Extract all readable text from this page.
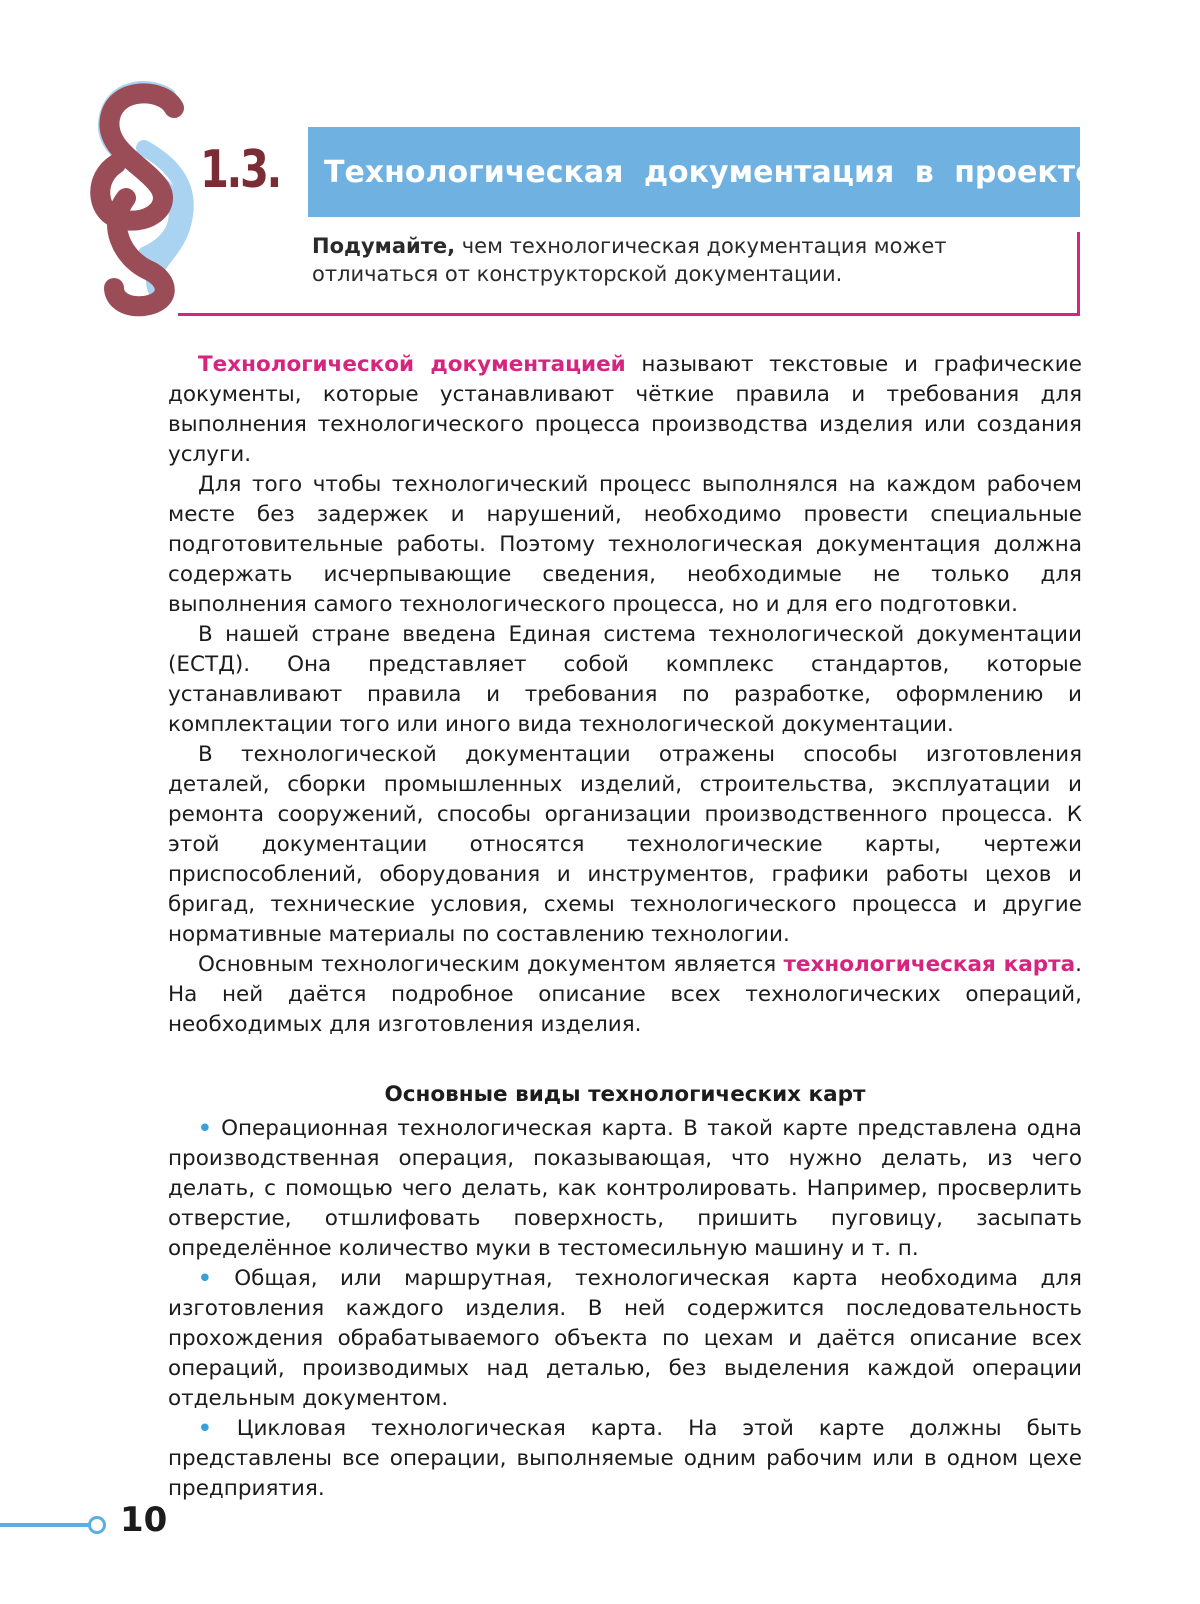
1.3. Технологическая документация в проекте
Подумайте, чем технологическая документация может отличаться от конструкторской документации.

Технологической документацией называют текстовые и графические документы, которые устанавливают чёткие правила и требования для выполнения технологического процесса производства изделия или создания услуги.

Для того чтобы технологический процесс выполнялся на каждом рабочем месте без задержек и нарушений, необходимо провести специальные подготовительные работы. Поэтому технологическая документация должна содержать исчерпывающие сведения, необходимые не только для выполнения самого технологического процесса, но и для его подготовки.

В нашей стране введена Единая система технологической документации (ЕСТД). Она представляет собой комплекс стандартов, которые устанавливают правила и требования по разработке, оформлению и комплектации того или иного вида технологической документации.

В технологической документации отражены способы изготовления деталей, сборки промышленных изделий, строительства, эксплуатации и ремонта сооружений, способы организации производственного процесса. К этой документации относятся технологические карты, чертежи приспособлений, оборудования и инструментов, графики работы цехов и бригад, технические условия, схемы технологического процесса и другие нормативные материалы по составлению технологии.

Основным технологическим документом является технологическая карта. На ней даётся подробное описание всех технологических операций, необходимых для изготовления изделия.

Основные виды технологических карт

• Операционная технологическая карта. В такой карте представлена одна производственная операция, показывающая, что нужно делать, из чего делать, с помощью чего делать, как контролировать. Например, просверлить отверстие, отшлифовать поверхность, пришить пуговицу, засыпать определённое количество муки в тестомесильную машину и т. п.

• Общая, или маршрутная, технологическая карта необходима для изготовления каждого изделия. В ней содержится последовательность прохождения обрабатываемого объекта по цехам и даётся описание всех операций, производимых над деталью, без выделения каждой операции отдельным документом.

• Цикловая технологическая карта. На этой карте должны быть представлены все операции, выполняемые одним рабочим или в одном цехе предприятия.

10
